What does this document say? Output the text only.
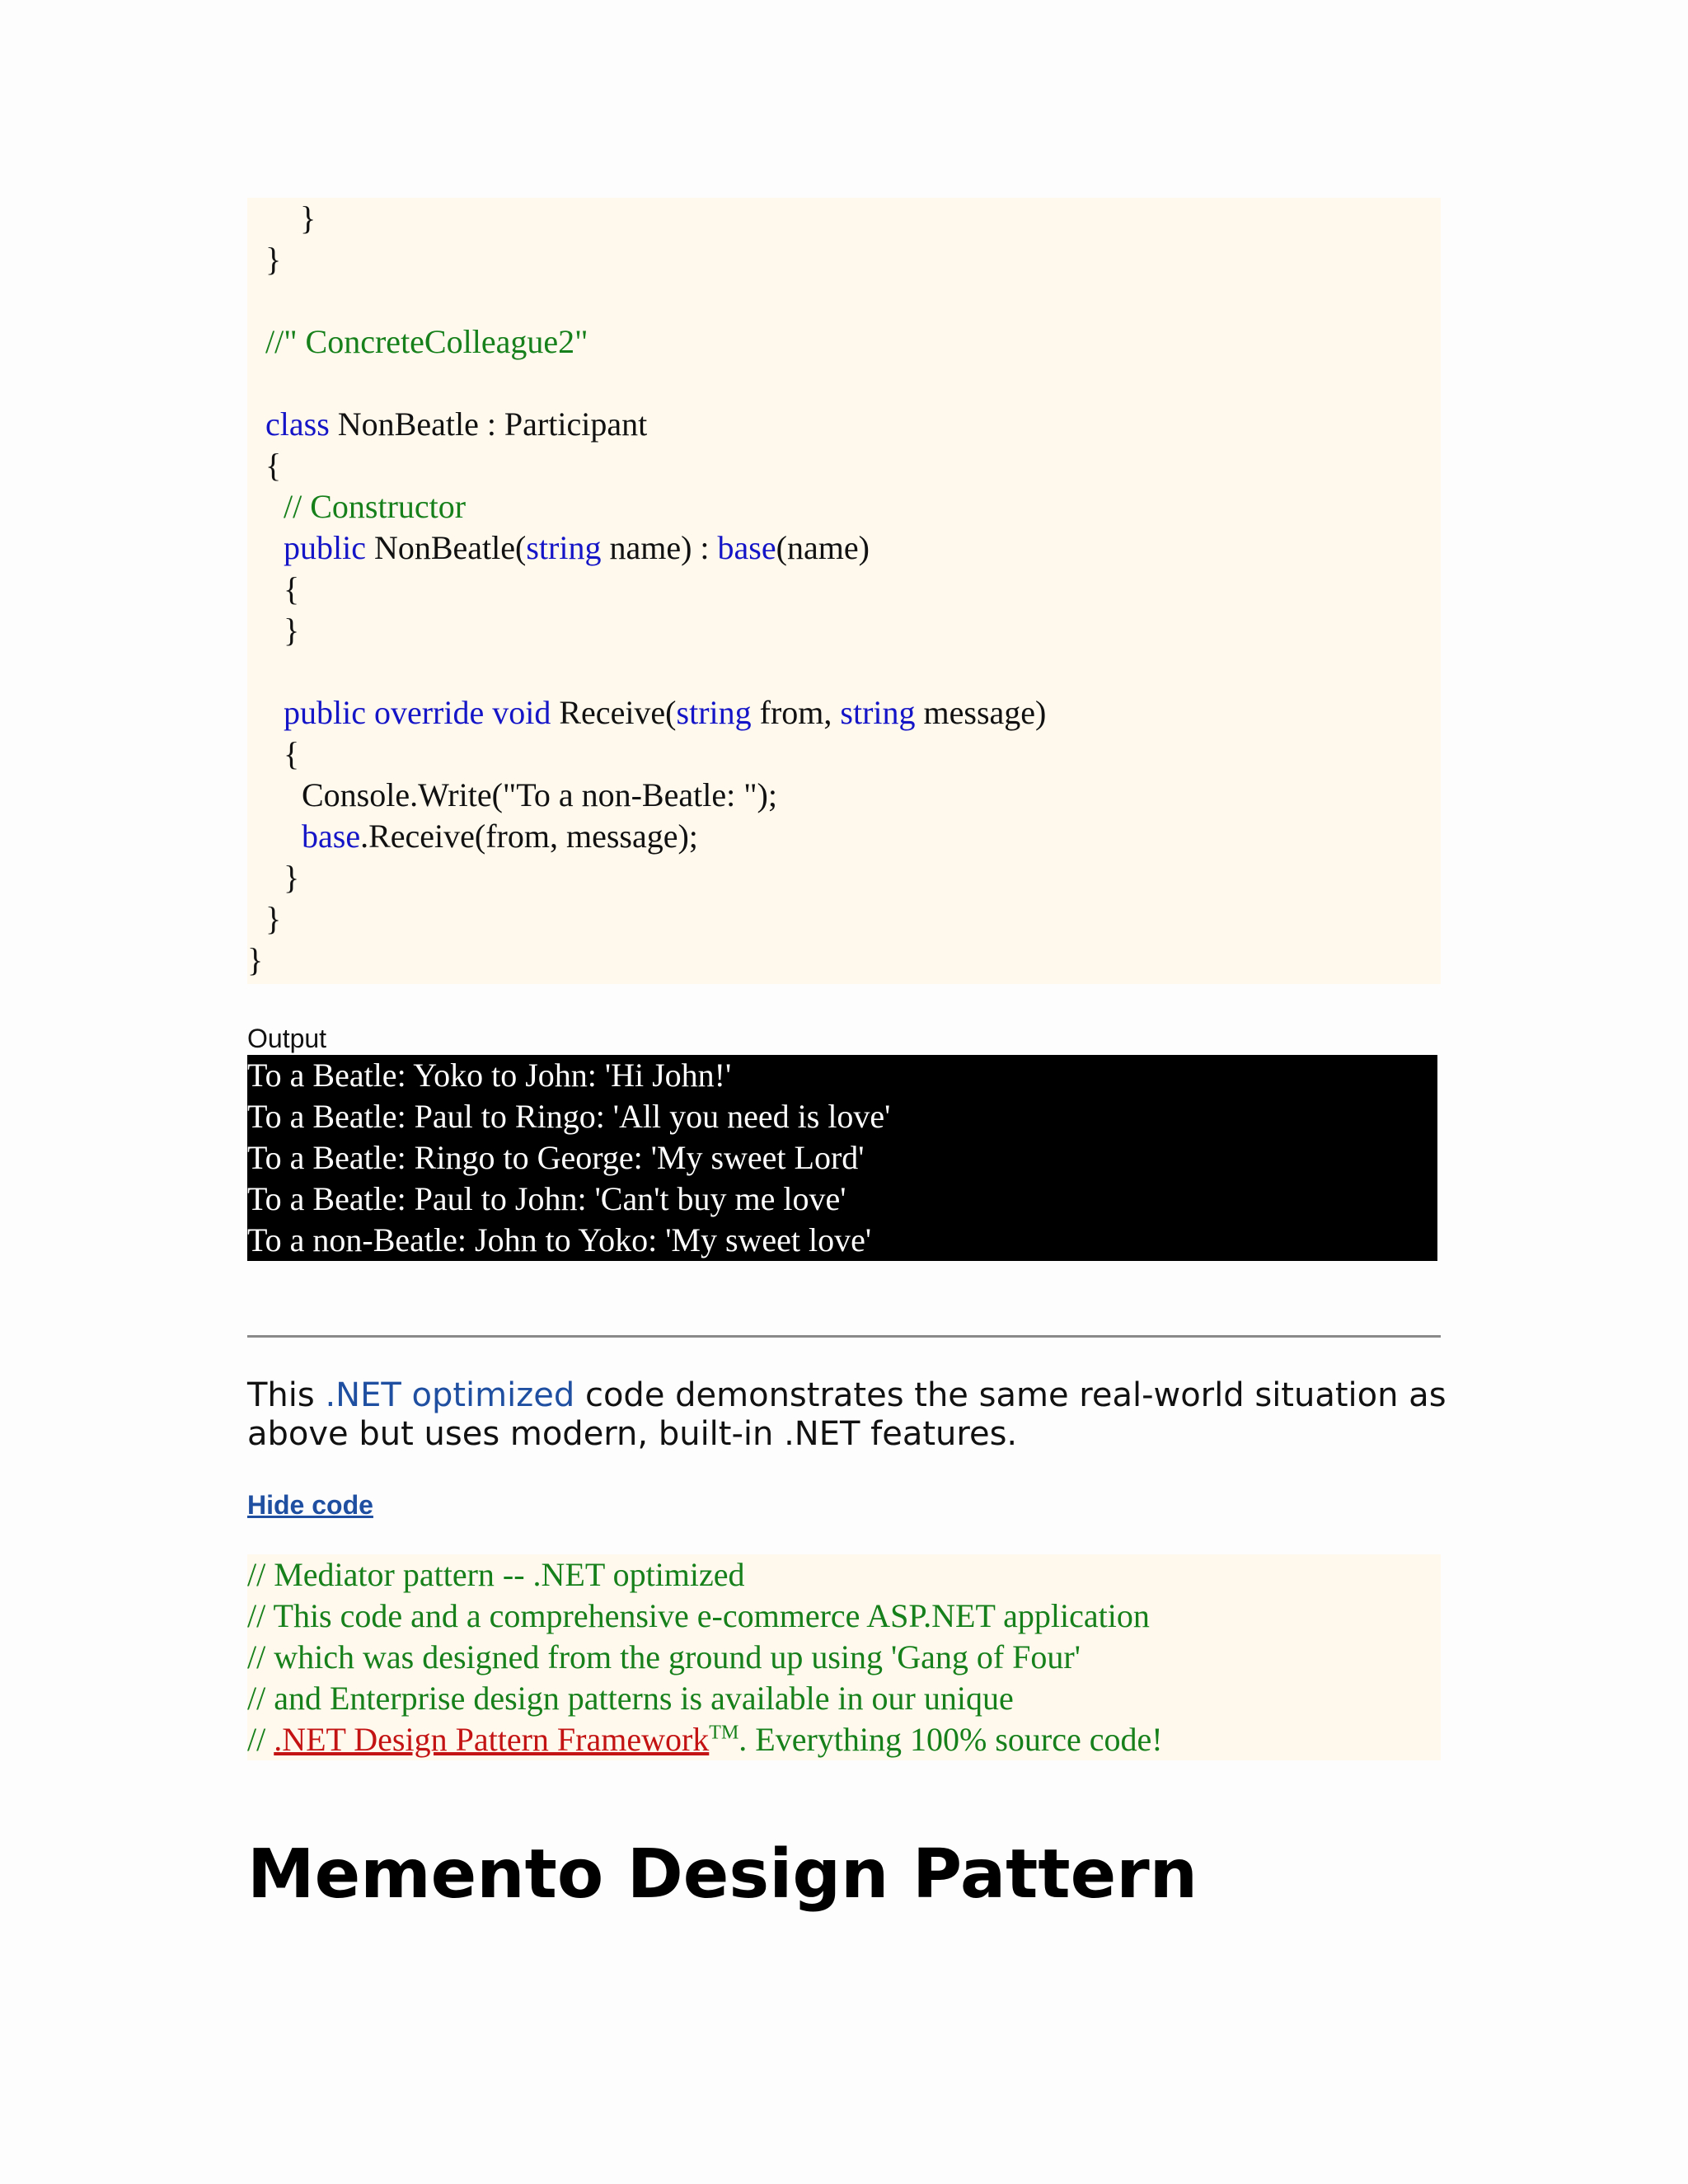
}
}
//" ConcreteColleague2"
class NonBeatle : Participant
{
// Constructor
public NonBeatle(string name) : base(name)
{
}
public override void Receive(string from, string message)
{
Console.Write("To a non-Beatle: ");
base.Receive(from, message);
}
}
}
Output
To a Beatle: Yoko to John: 'Hi John!'
To a Beatle: Paul to Ringo: 'All you need is love'
To a Beatle: Ringo to George: 'My sweet Lord'
To a Beatle: Paul to John: 'Can't buy me love'
To a non-Beatle: John to Yoko: 'My sweet love'
This .NET optimized code demonstrates the same real-world situation as above but uses modern, built-in .NET features.
Hide code
// Mediator pattern -- .NET optimized
// This code and a comprehensive e-commerce ASP.NET application
// which was designed from the ground up using 'Gang of Four'
// and Enterprise design patterns is available in our unique
// .NET Design Pattern Framework™. Everything 100% source code!
Memento Design Pattern
